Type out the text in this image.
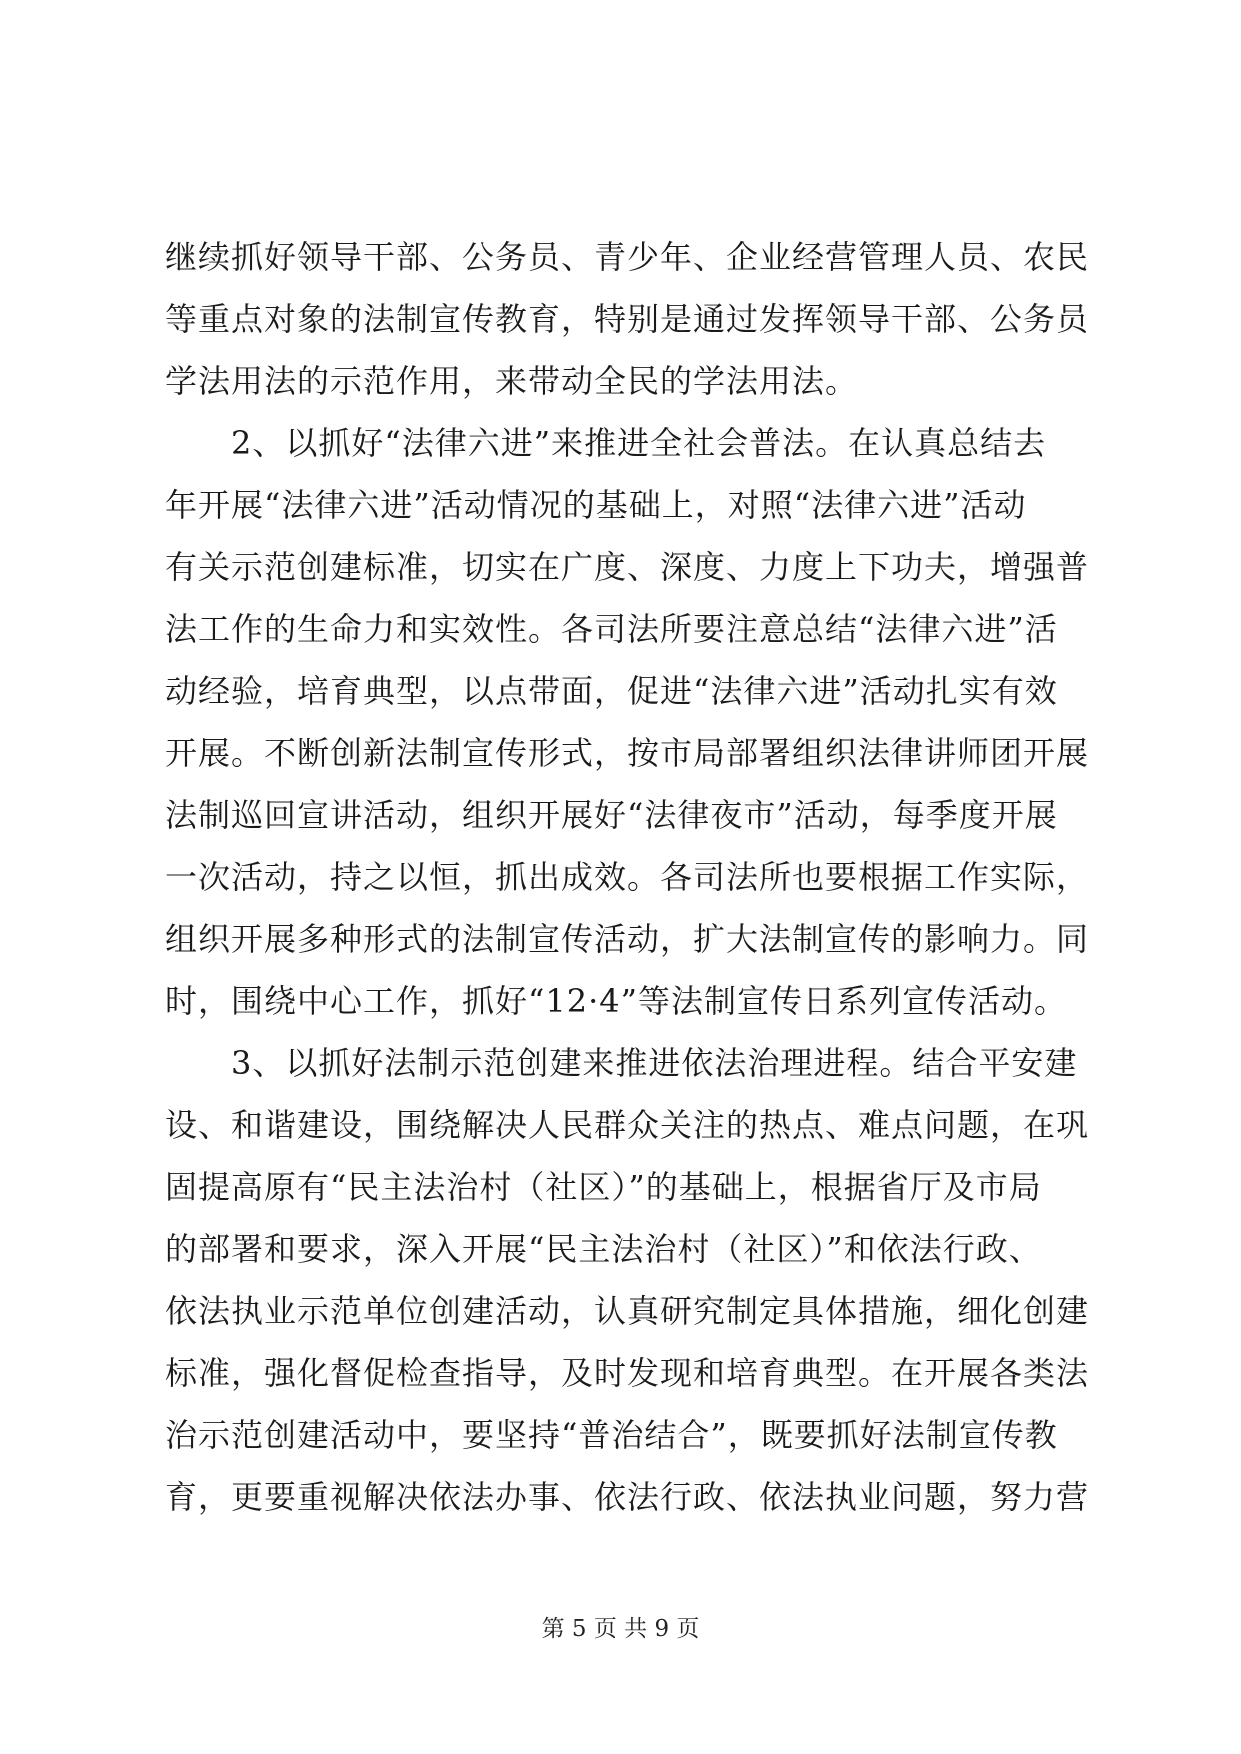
继续抓好领导干部、公务员、青少年、企业经营管理人员、农民
等重点对象的法制宣传教育，特别是通过发挥领导干部、公务员
学法用法的示范作用，来带动全民的学法用法。
　　2、以抓好“法律六进”来推进全社会普法。在认真总结去
年开展“法律六进”活动情况的基础上，对照“法律六进”活动
有关示范创建标准，切实在广度、深度、力度上下功夫，增强普
法工作的生命力和实效性。各司法所要注意总结“法律六进”活
动经验，培育典型，以点带面，促进“法律六进”活动扎实有效
开展。不断创新法制宣传形式，按市局部署组织法律讲师团开展
法制巡回宣讲活动，组织开展好“法律夜市”活动，每季度开展
一次活动，持之以恒，抓出成效。各司法所也要根据工作实际，
组织开展多种形式的法制宣传活动，扩大法制宣传的影响力。同
时，围绕中心工作，抓好“12·4”等法制宣传日系列宣传活动。
　　3、以抓好法制示范创建来推进依法治理进程。结合平安建
设、和谐建设，围绕解决人民群众关注的热点、难点问题，在巩
固提高原有“民主法治村（社区）”的基础上，根据省厅及市局
的部署和要求，深入开展“民主法治村（社区）”和依法行政、
依法执业示范单位创建活动，认真研究制定具体措施，细化创建
标准，强化督促检查指导，及时发现和培育典型。在开展各类法
治示范创建活动中，要坚持“普治结合”，既要抓好法制宣传教
育，更要重视解决依法办事、依法行政、依法执业问题，努力营
第 5 页 共 9 页
